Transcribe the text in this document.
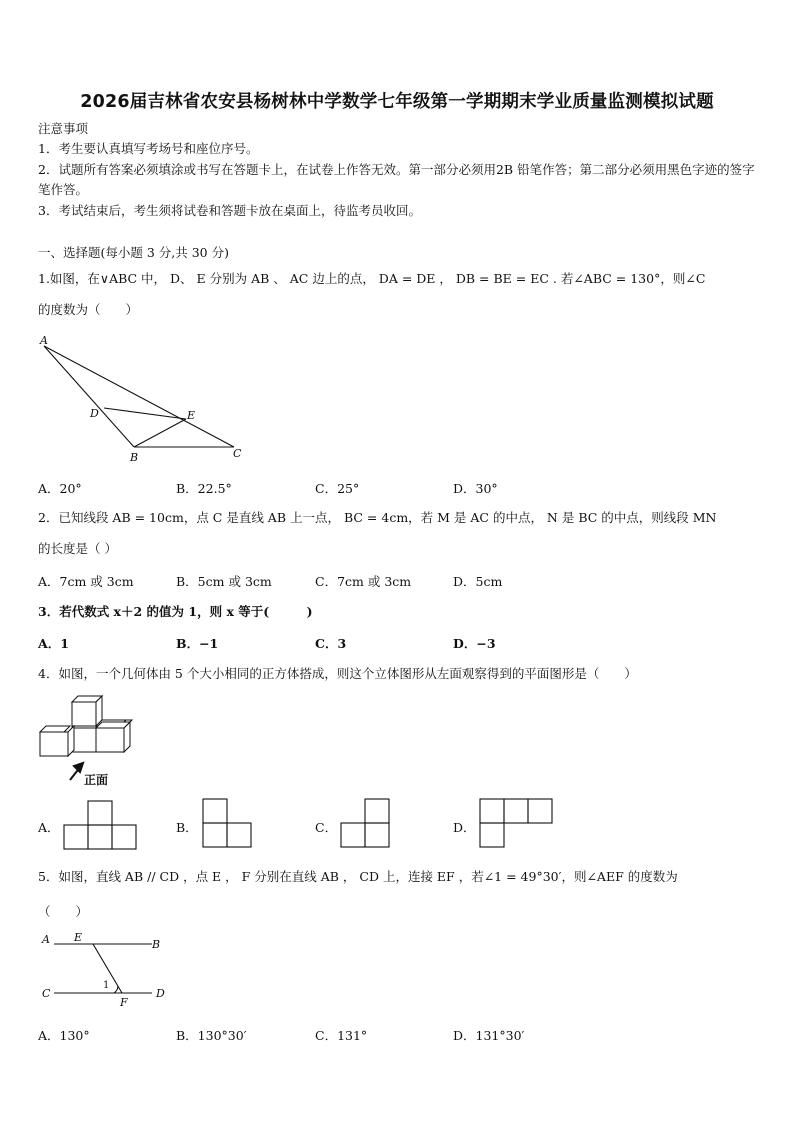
2026届吉林省农安县杨树林中学数学七年级第一学期期末学业质量监测模拟试题
注意事项
1．考生要认真填写考场号和座位序号。
2．试题所有答案必须填涂或书写在答题卡上，在试卷上作答无效。第一部分必须用2B 铅笔作答；第二部分必须用黑色字迹的签字笔作答。
3．考试结束后，考生须将试卷和答题卡放在桌面上，待监考员收回。
一、选择题(每小题 3 分,共 30 分)
1.如图，在∨ABC 中， D、 E 分别为 AB 、 AC 边上的点， DA = DE ， DB = BE = EC . 若∠ABC = 130°，则∠C
的度数为（　　）
A
D	E
B	C
A．20°	B．22.5°	C．25°	D．30°
2．已知线段 AB = 10cm，点 C 是直线 AB 上一点， BC = 4cm，若 M 是 AC 的中点， N 是 BC 的中点，则线段 MN
的长度是（ ）
A．7cm 或 3cm	B．5cm 或 3cm	C．7cm 或 3cm	D．5cm
3．若代数式 x＋2 的值为 1，则 x 等于(　　　)
A．1	B．−1	C．3	D．−3
4．如图，一个几何体由 5 个大小相同的正方体搭成，则这个立体图形从左面观察得到的平面图形是（　　）
正面
A．	B．	C．	D．
5．如图，直线 AB // CD ，点 E ， F 分别在直线 AB ， CD 上，连接 EF ，若∠1 = 49°30′，则∠AEF 的度数为
（　　）
A E
B
C
1
F
D
A．130°	B．130°30′	C．131°	D．131°30′
